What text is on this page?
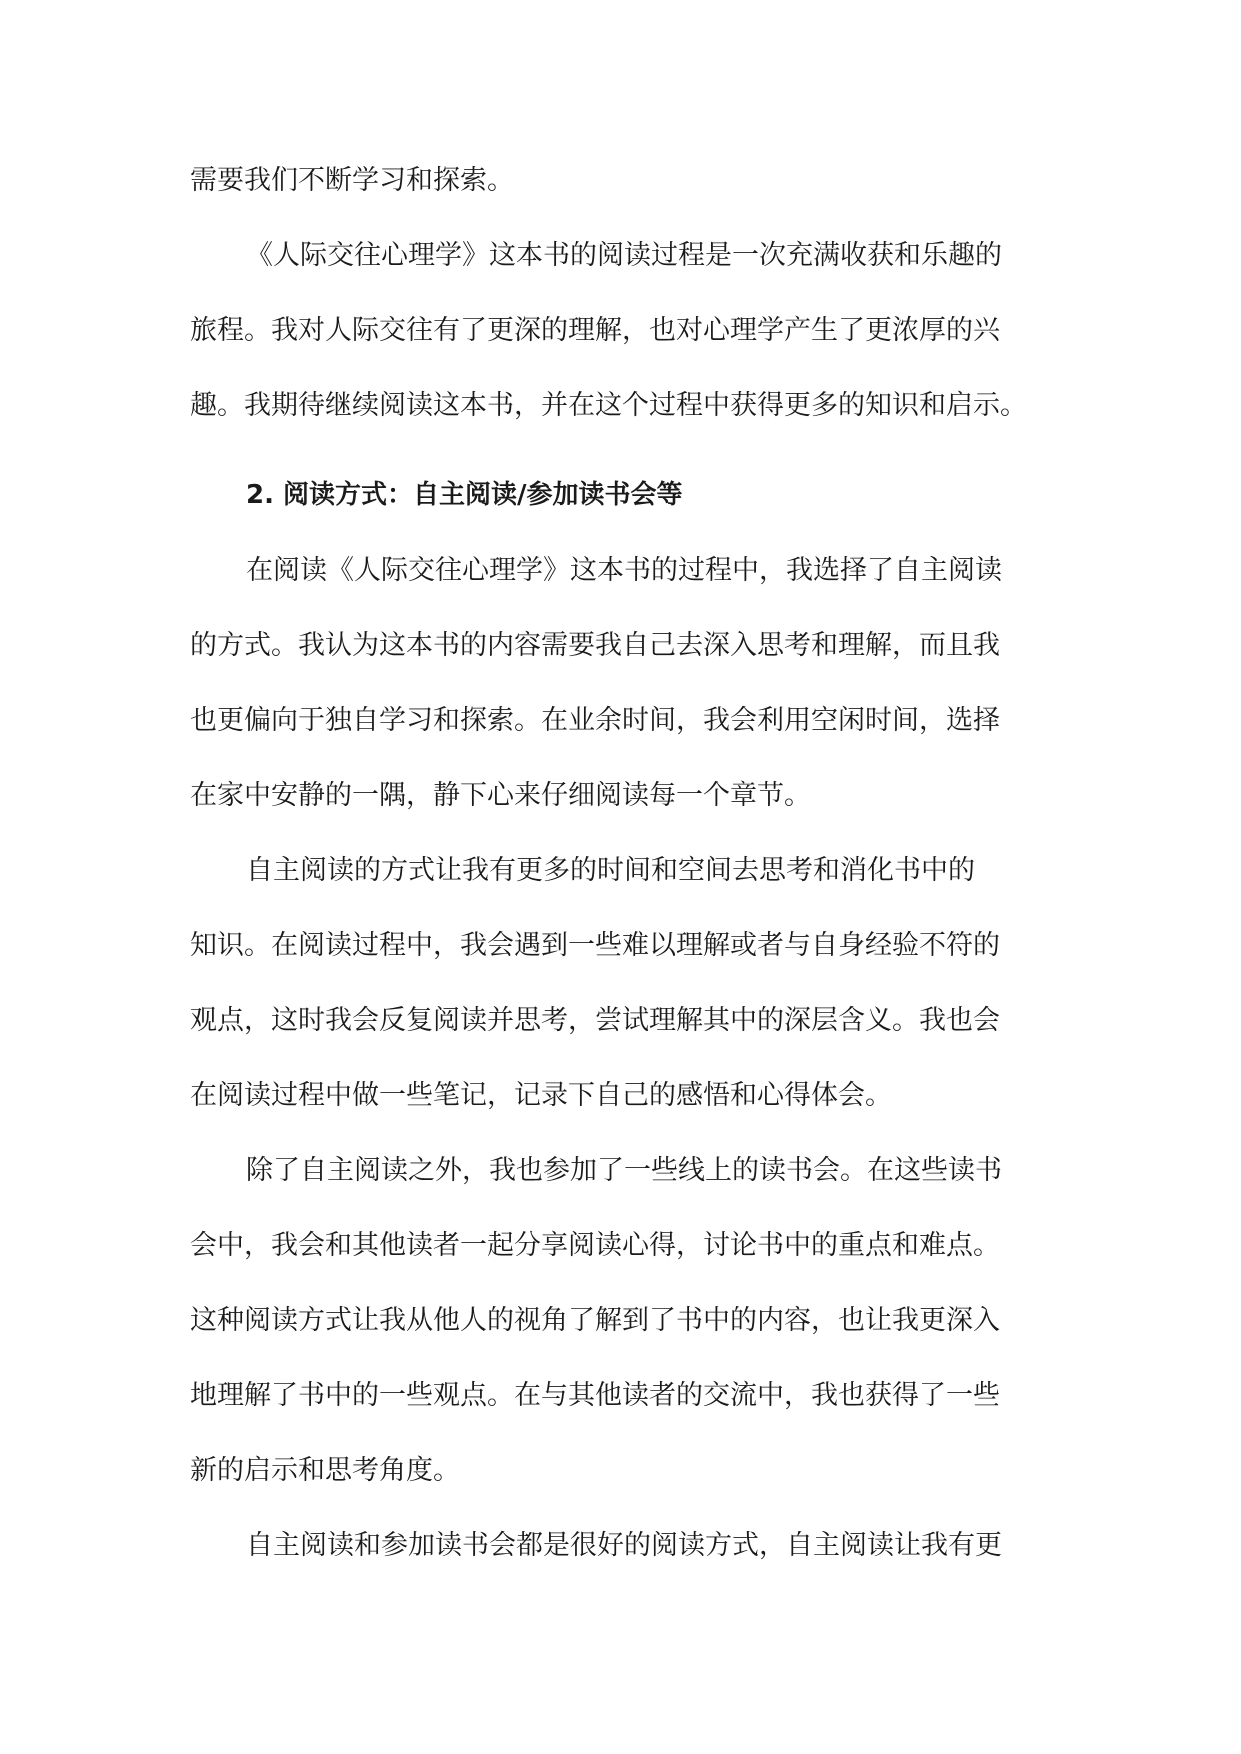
需要我们不断学习和探索。
《人际交往心理学》这本书的阅读过程是一次充满收获和乐趣的
旅程。我对人际交往有了更深的理解，也对心理学产生了更浓厚的兴
趣。我期待继续阅读这本书，并在这个过程中获得更多的知识和启示。
2. 阅读方式：自主阅读/参加读书会等
在阅读《人际交往心理学》这本书的过程中，我选择了自主阅读
的方式。我认为这本书的内容需要我自己去深入思考和理解，而且我
也更偏向于独自学习和探索。在业余时间，我会利用空闲时间，选择
在家中安静的一隅，静下心来仔细阅读每一个章节。
自主阅读的方式让我有更多的时间和空间去思考和消化书中的
知识。在阅读过程中，我会遇到一些难以理解或者与自身经验不符的
观点，这时我会反复阅读并思考，尝试理解其中的深层含义。我也会
在阅读过程中做一些笔记，记录下自己的感悟和心得体会。
除了自主阅读之外，我也参加了一些线上的读书会。在这些读书
会中，我会和其他读者一起分享阅读心得，讨论书中的重点和难点。
这种阅读方式让我从他人的视角了解到了书中的内容，也让我更深入
地理解了书中的一些观点。在与其他读者的交流中，我也获得了一些
新的启示和思考角度。
自主阅读和参加读书会都是很好的阅读方式，自主阅读让我有更
